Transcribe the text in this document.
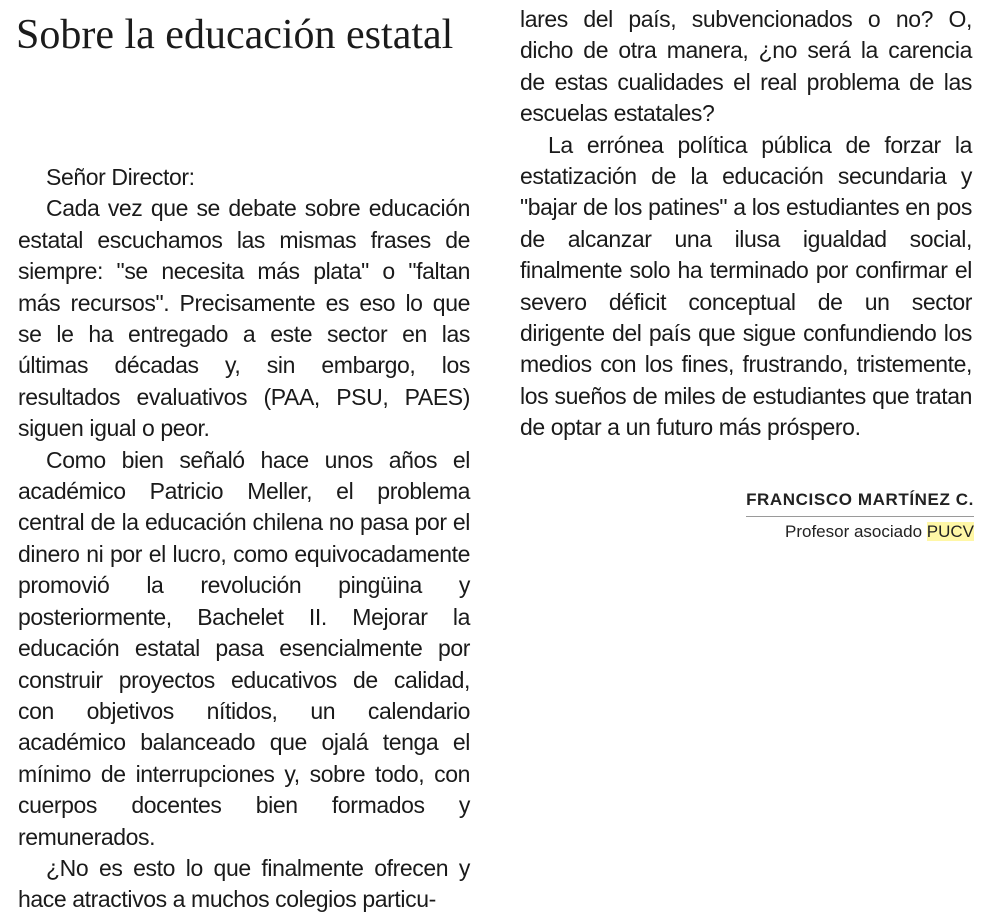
Sobre la educación estatal

Señor Director:

Cada vez que se debate sobre educación estatal escuchamos las mismas frases de siempre: "se necesita más plata" o "faltan más recursos". Precisamente es eso lo que se le ha entregado a este sector en las últimas décadas y, sin embargo, los resultados evaluativos (PAA, PSU, PAES) siguen igual o peor.

Como bien señaló hace unos años el académico Patricio Meller, el problema central de la educación chilena no pasa por el dinero ni por el lucro, como equivocadamente promovió la revolución pingüina y posteriormente, Bachelet II. Mejorar la educación estatal pasa esencialmente por construir proyectos educativos de calidad, con objetivos nítidos, un calendario académico balanceado que ojalá tenga el mínimo de interrupciones y, sobre todo, con cuerpos docentes bien formados y remunerados.

¿No es esto lo que finalmente ofrecen y hace atractivos a muchos colegios particu-

lares del país, subvencionados o no? O, dicho de otra manera, ¿no será la carencia de estas cualidades el real problema de las escuelas estatales?

La errónea política pública de forzar la estatización de la educación secundaria y "bajar de los patines" a los estudiantes en pos de alcanzar una ilusa igualdad social, finalmente solo ha terminado por confirmar el severo déficit conceptual de un sector dirigente del país que sigue confundiendo los medios con los fines, frustrando, tristemente, los sueños de miles de estudiantes que tratan de optar a un futuro más próspero.

FRANCISCO MARTÍNEZ C.
Profesor asociado PUCV
